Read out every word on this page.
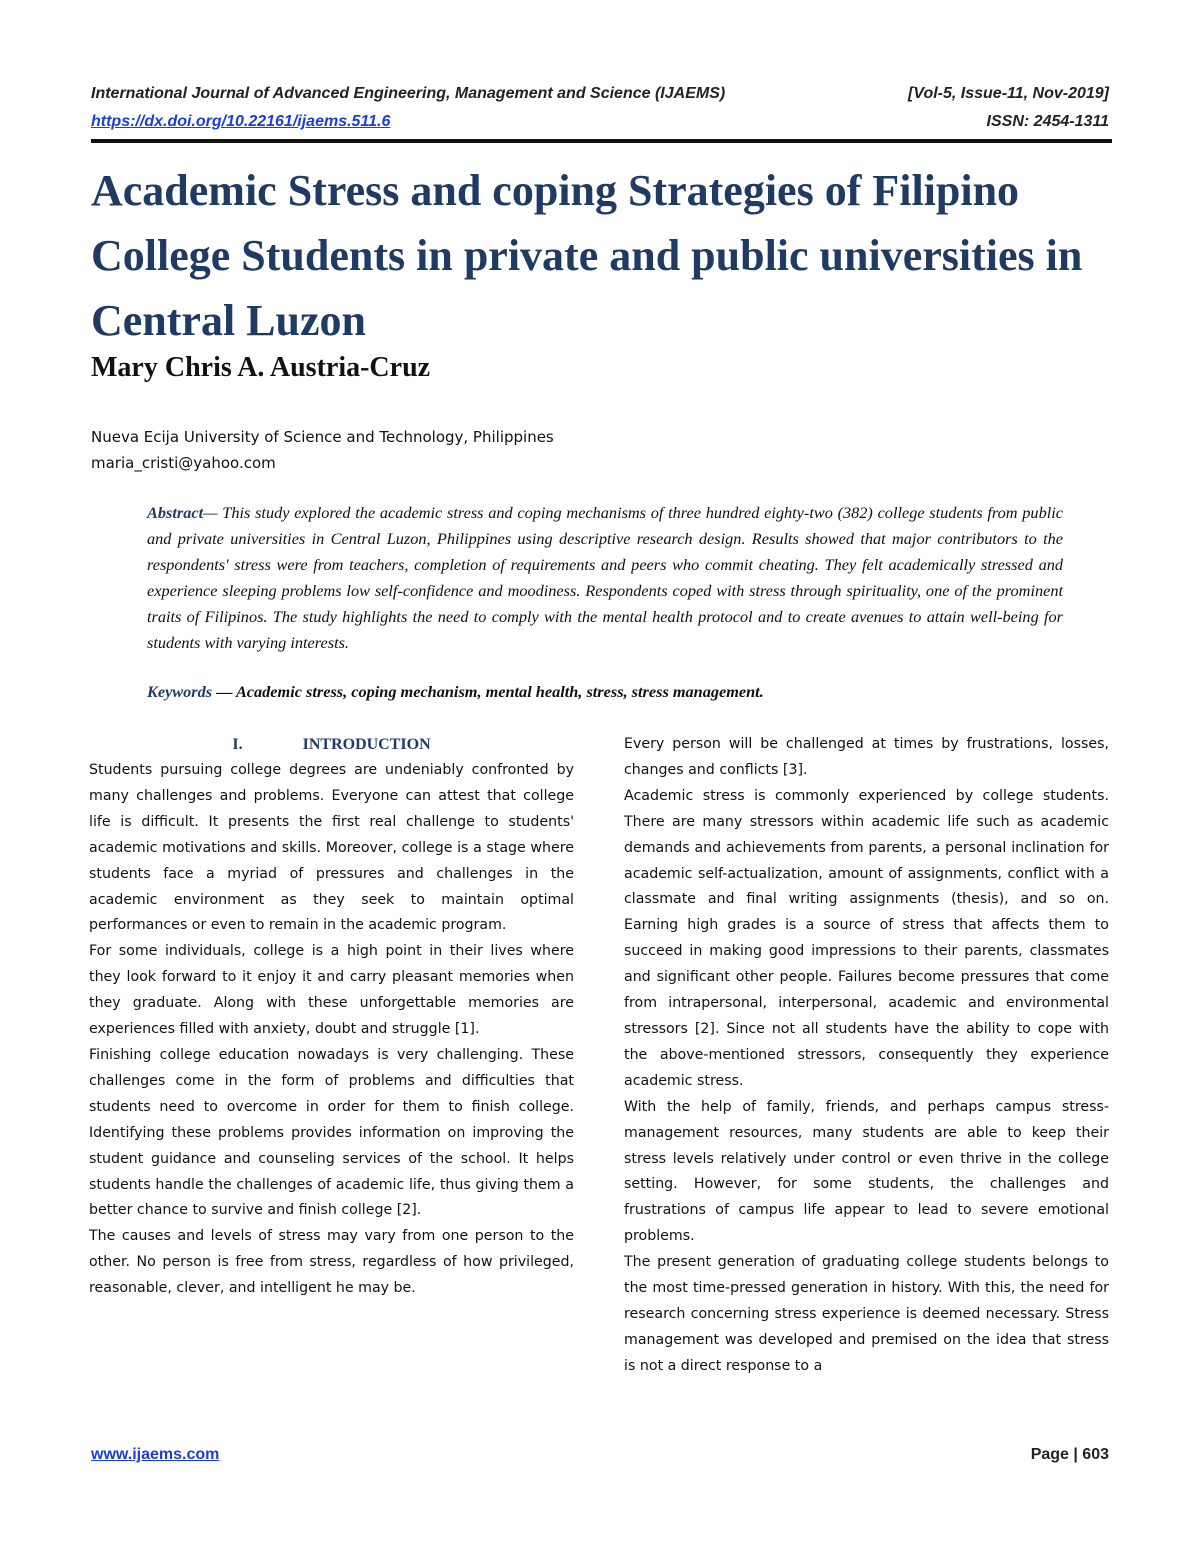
International Journal of Advanced Engineering, Management and Science (IJAEMS)	[Vol-5, Issue-11, Nov-2019]
https://dx.doi.org/10.22161/ijaems.511.6	ISSN: 2454-1311
Academic Stress and coping Strategies of Filipino College Students in private and public universities in Central Luzon
Mary Chris A. Austria-Cruz
Nueva Ecija University of Science and Technology, Philippines
maria_cristi@yahoo.com

Abstract— This study explored the academic stress and coping mechanisms of three hundred eighty-two (382) college students from public and private universities in Central Luzon, Philippines using descriptive research design. Results showed that major contributors to the respondents' stress were from teachers, completion of requirements and peers who commit cheating. They felt academically stressed and experience sleeping problems low self-confidence and moodiness. Respondents coped with stress through spirituality, one of the prominent traits of Filipinos. The study highlights the need to comply with the mental health protocol and to create avenues to attain well-being for students with varying interests.

Keywords — Academic stress, coping mechanism, mental health, stress, stress management.

I.	INTRODUCTION

Students pursuing college degrees are undeniably confronted by many challenges and problems. Everyone can attest that college life is difficult. It presents the first real challenge to students' academic motivations and skills. Moreover, college is a stage where students face a myriad of pressures and challenges in the academic environment as they seek to maintain optimal performances or even to remain in the academic program.

For some individuals, college is a high point in their lives where they look forward to it enjoy it and carry pleasant memories when they graduate. Along with these unforgettable memories are experiences filled with anxiety, doubt and struggle [1].

Finishing college education nowadays is very challenging. These challenges come in the form of problems and difficulties that students need to overcome in order for them to finish college. Identifying these problems provides information on improving the student guidance and counseling services of the school. It helps students handle the challenges of academic life, thus giving them a better chance to survive and finish college [2].

The causes and levels of stress may vary from one person to the other. No person is free from stress, regardless of how privileged, reasonable, clever, and intelligent he may be.

Every person will be challenged at times by frustrations, losses, changes and conflicts [3].

Academic stress is commonly experienced by college students. There are many stressors within academic life such as academic demands and achievements from parents, a personal inclination for academic self-actualization, amount of assignments, conflict with a classmate and final writing assignments (thesis), and so on. Earning high grades is a source of stress that affects them to succeed in making good impressions to their parents, classmates and significant other people. Failures become pressures that come from intrapersonal, interpersonal, academic and environmental stressors [2]. Since not all students have the ability to cope with the above-mentioned stressors, consequently they experience academic stress.

With the help of family, friends, and perhaps campus stress-management resources, many students are able to keep their stress levels relatively under control or even thrive in the college setting. However, for some students, the challenges and frustrations of campus life appear to lead to severe emotional problems.

The present generation of graduating college students belongs to the most time-pressed generation in history. With this, the need for research concerning stress experience is deemed necessary. Stress management was developed and premised on the idea that stress is not a direct response to a

www.ijaems.com	Page | 603
